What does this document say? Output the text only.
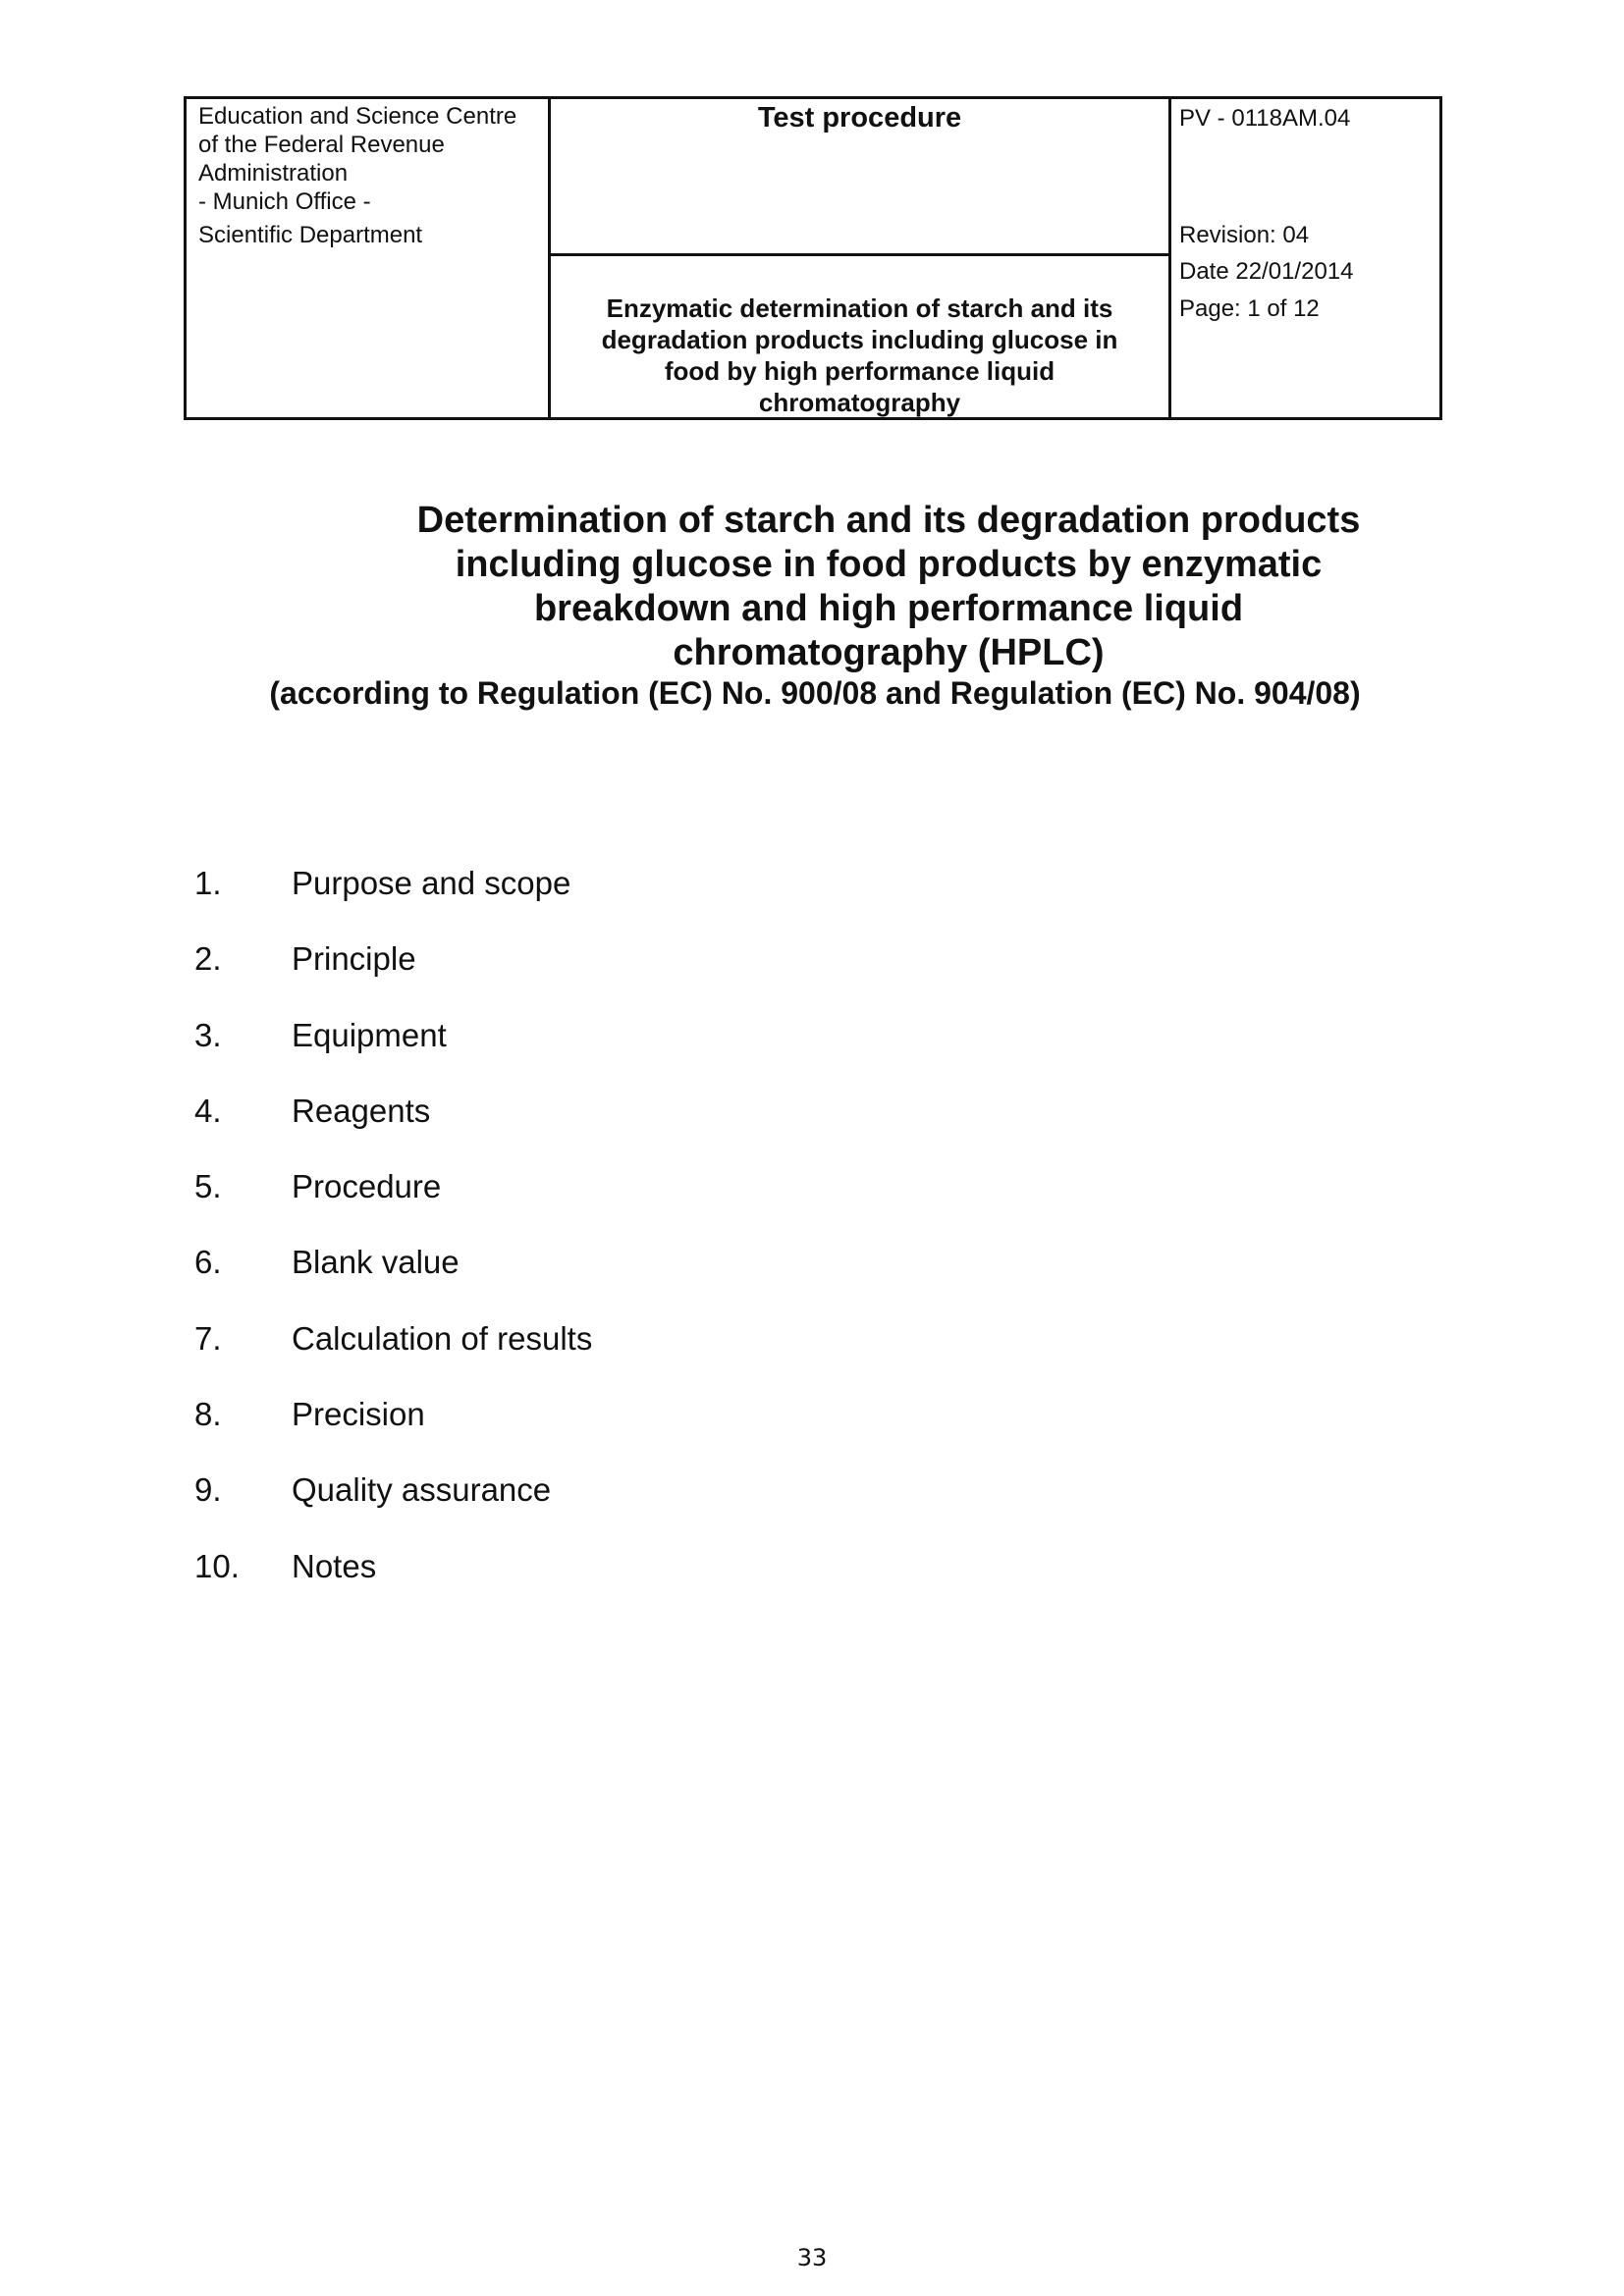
Education and Science Centre
of the Federal Revenue
Administration
- Munich Office -
Scientific Department
Test procedure
Enzymatic determination of starch and its degradation products including glucose in food by high performance liquid chromatography
PV - 0118AM.04
Revision: 04
Date 22/01/2014
Page: 1 of 12
Determination of starch and its degradation products
including glucose in food products by enzymatic
breakdown and high performance liquid
chromatography (HPLC)
(according to Regulation (EC) No. 900/08 and Regulation (EC) No. 904/08)
1. Purpose and scope
2. Principle
3. Equipment
4. Reagents
5. Procedure
6. Blank value
7. Calculation of results
8. Precision
9. Quality assurance
10. Notes
33
